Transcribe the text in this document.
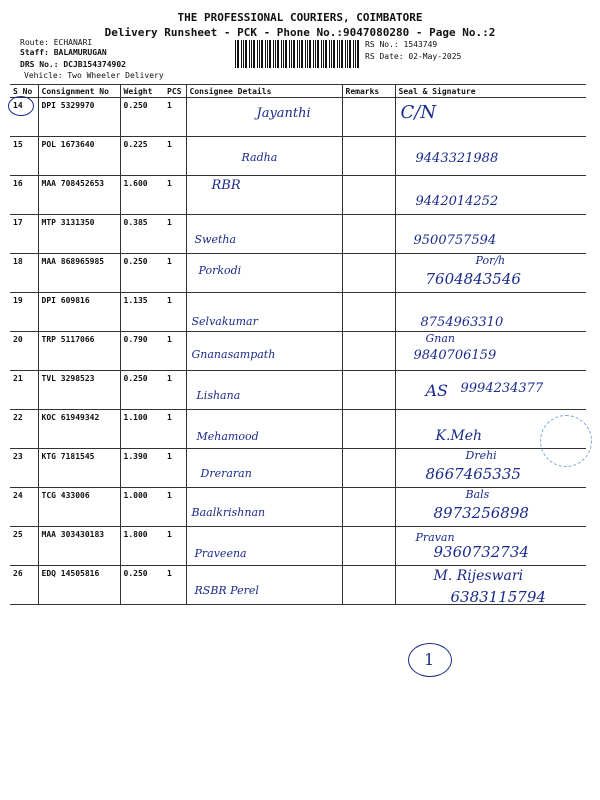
THE PROFESSIONAL COURIERS, COIMBATORE
Delivery Runsheet - PCK - Phone No.:9047080280 - Page No.:2
Route: ECHANARI
Staff: BALAMURUGAN
DRS No.: DCJB154374902
Vehicle: Two Wheeler Delivery
RS No.: 1543749
RS Date: 02-May-2025
S No	Consignment No	Weight	PCS	Consignee Details	Remarks	Seal & Signature
14	DPI 5329970	0.250	1	Jayanthi		C/N

15	POL 1673640	0.225	1	Radha		9443321988

16	MAA 708452653	1.600	1	RBR		9442014252

17	MTP 3131350	0.385	1	Swetha		9500757594

18	MAA 868965985	0.250	1	Porkodi		Por/h
7604843546

19	DPI 609816	1.135	1	Selvakumar		8754963310

20	TRP 5117066	0.790	1	Gnanasampath		Gnan
9840706159

21	TVL 3298523	0.250	1	Lishana		AS 9994234377

22	KOC 61949342	1.100	1	Mehamood		K.Meh

23	KTG 7181545	1.390	1	Dreraran		Drehi
8667465335

24	TCG 433006	1.000	1	Baalkrishnan		Bals
8973256898

25	MAA 303430183	1.800	1	Praveena		Pravan
9360732734

26	EDQ 14505816	0.250	1	RSBR Perel		M. Rijeswari
6383115794
1
